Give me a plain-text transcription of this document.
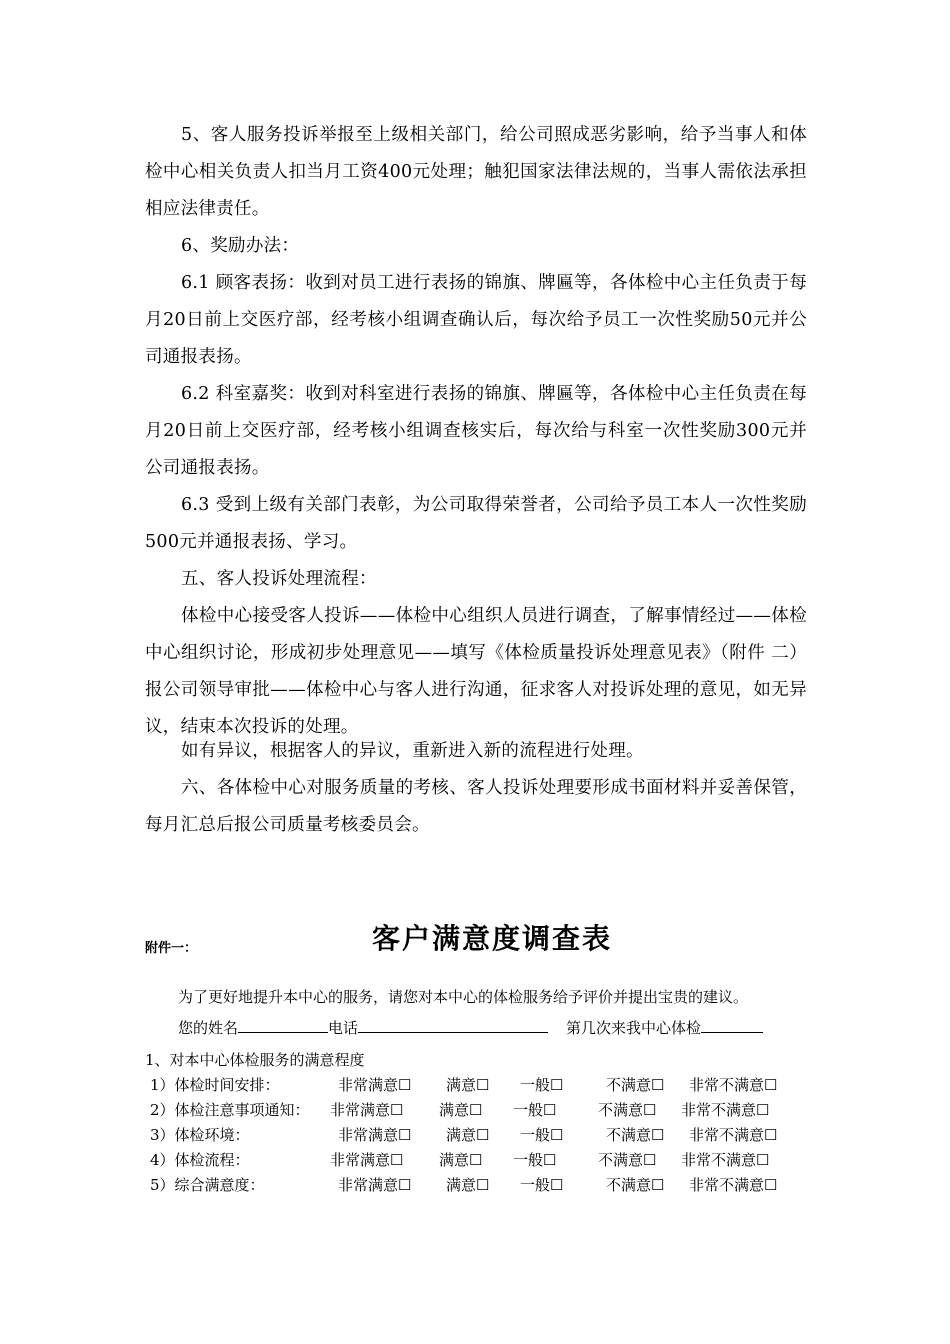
5、客人服务投诉举报至上级相关部门，给公司照成恶劣影响，给予当事人和体检中心相关负责人扣当月工资400元处理；触犯国家法律法规的，当事人需依法承担相应法律责任。

6、奖励办法：

6.1 顾客表扬：收到对员工进行表扬的锦旗、牌匾等，各体检中心主任负责于每月20日前上交医疗部，经考核小组调查确认后，每次给予员工一次性奖励50元并公司通报表扬。

6.2 科室嘉奖：收到对科室进行表扬的锦旗、牌匾等，各体检中心主任负责在每月20日前上交医疗部，经考核小组调查核实后，每次给与科室一次性奖励300元并公司通报表扬。

6.3 受到上级有关部门表彰，为公司取得荣誉者，公司给予员工本人一次性奖励500元并通报表扬、学习。

五、客人投诉处理流程：

体检中心接受客人投诉——体检中心组织人员进行调查，了解事情经过——体检中心组织讨论，形成初步处理意见——填写《体检质量投诉处理意见表》（附件 二）报公司领导审批——体检中心与客人进行沟通，征求客人对投诉处理的意见，如无异议，结束本次投诉的处理。

如有异议，根据客人的异议，重新进入新的流程进行处理。

六、各体检中心对服务质量的考核、客人投诉处理要形成书面材料并妥善保管，每月汇总后报公司质量考核委员会。

附件一：	客户满意度调查表
为了更好地提升本中心的服务，请您对本中心的体检服务给予评价并提出宝贵的建议。
您的姓名	电话	第几次来我中心体检
1、对本中心体检服务的满意程度
1）体检时间安排：	非常满意☐ 满意☐ 一般☐	不满意☐ 非常不满意☐
2）体检注意事项通知： 非常满意☐ 满意☐ 一般☐	不满意☐ 非常不满意☐
3）体检环境：	非常满意☐ 满意☐ 一般☐	不满意☐ 非常不满意☐
4）体检流程：	非常满意☐ 满意☐ 一般☐	不满意☐ 非常不满意☐
5）综合满意度：	非常满意☐ 满意☐ 一般☐	不满意☐ 非常不满意☐
